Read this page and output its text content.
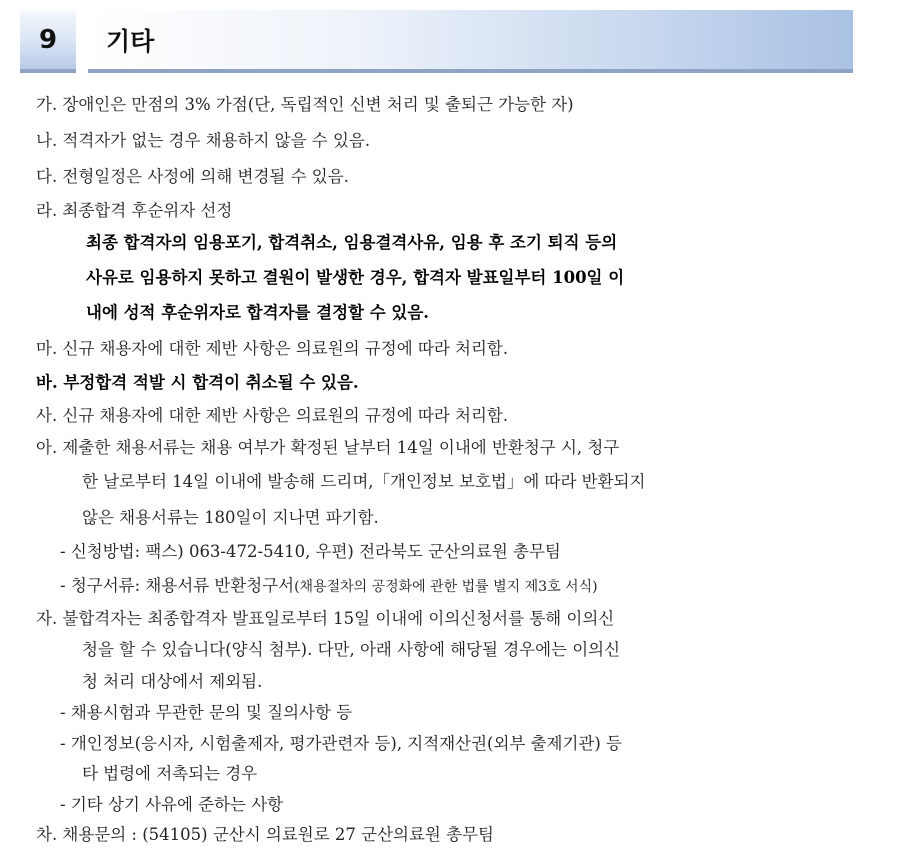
9	기타
가. 장애인은 만점의 3% 가점(단, 독립적인 신변 처리 및 출퇴근 가능한 자)
나. 적격자가 없는 경우 채용하지 않을 수 있음.
다. 전형일정은 사정에 의해 변경될 수 있음.
라. 최종합격 후순위자 선정
최종 합격자의 임용포기, 합격취소, 임용결격사유, 임용 후 조기 퇴직 등의
사유로 임용하지 못하고 결원이 발생한 경우, 합격자 발표일부터 100일 이
내에 성적 후순위자로 합격자를 결정할 수 있음.
마. 신규 채용자에 대한 제반 사항은 의료원의 규정에 따라 처리함.
바. 부정합격 적발 시 합격이 취소될 수 있음.
사. 신규 채용자에 대한 제반 사항은 의료원의 규정에 따라 처리함.
아. 제출한 채용서류는 채용 여부가 확정된 날부터 14일 이내에 반환청구 시, 청구
한 날로부터 14일 이내에 발송해 드리며,「개인정보 보호법」에 따라 반환되지
않은 채용서류는 180일이 지나면 파기함.
- 신청방법: 팩스) 063-472-5410, 우편) 전라북도 군산의료원 총무팀
- 청구서류: 채용서류 반환청구서(채용절차의 공정화에 관한 법률 별지 제3호 서식)
자. 불합격자는 최종합격자 발표일로부터 15일 이내에 이의신청서를 통해 이의신
청을 할 수 있습니다(양식 첨부). 다만, 아래 사항에 해당될 경우에는 이의신
청 처리 대상에서 제외됨.
- 채용시험과 무관한 문의 및 질의사항 등
- 개인정보(응시자, 시험출제자, 평가관련자 등), 지적재산권(외부 출제기관) 등
타 법령에 저촉되는 경우
- 기타 상기 사유에 준하는 사항
차. 채용문의 : (54105) 군산시 의료원로 27 군산의료원 총무팀
